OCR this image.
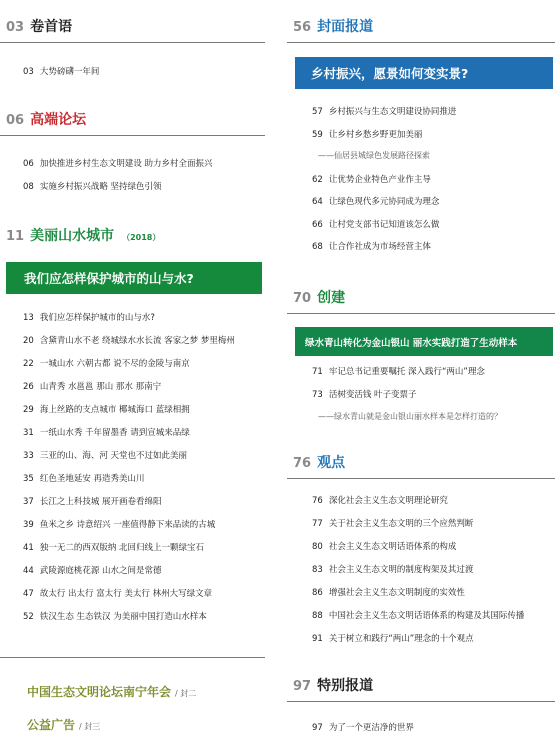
03 卷首语
03 大势磅礴一年间
06 高端论坛
06 加快推进乡村生态文明建设 助力乡村全面振兴
08 实施乡村振兴战略 坚持绿色引领
11 美丽山水城市 （2018）
我们应怎样保护城市的山与水?
13 我们应怎样保护城市的山与水?
20 含黛青山水不老 绕城绿水水长流 客家之梦 梦里梅州
22 一城山水 六朝古都 说不尽的金陵与南京
26 山青秀 水邕邕 那山 那水 那南宁
29 海上丝路的支点城市 椰城海口 蓝绿相拥
31 一纸山水秀 千年留墨香 请到宣城来品绿
33 三亚的山、海、河 天堂也不过如此美丽
35 红色圣地延安 再造秀美山川
37 长江之上科技城 展开画卷看绵阳
39 鱼米之乡 诗意绍兴 一座值得静下来品读的古城
41 独一无二的西双版纳 北回归线上一颗绿宝石
44 武陵源庭桃花源 山水之间是常德
47 故太行 出太行 富太行 美太行 林州大写绿文章
52 铁汉生态 生态铁汉 为美丽中国打造山水样本
中国生态文明论坛南宁年会 / 封二
公益广告 / 封三
56 封面报道
乡村振兴，愿景如何变实景?
57 乡村振兴与生态文明建设协同推进
59 让乡村乡愁乡野更加美丽
——仙居县城绿色发展路径探索
62 让优势企业特色产业作主导
64 让绿色现代多元协同成为理念
66 让村党支部书记知道该怎么做
68 让合作社成为市场经营主体
70 创建
绿水青山转化为金山银山 丽水实践打造了生动样本
71 牢记总书记重要嘱托 深入践行“两山”理念
73 活树变活钱 叶子变票子
——绿水青山就是金山银山丽水样本是怎样打造的？
76 观点
76 深化社会主义生态文明理论研究
77 关于社会主义生态文明的三个应然判断
80 社会主义生态文明话语体系的构成
83 社会主义生态文明的制度构架及其过渡
86 增强社会主义生态文明制度的实效性
88 中国社会主义生态文明话语体系的构建及其国际传播
91 关于树立和践行“两山”理念的十个观点
97 特别报道
97 为了一个更洁净的世界
